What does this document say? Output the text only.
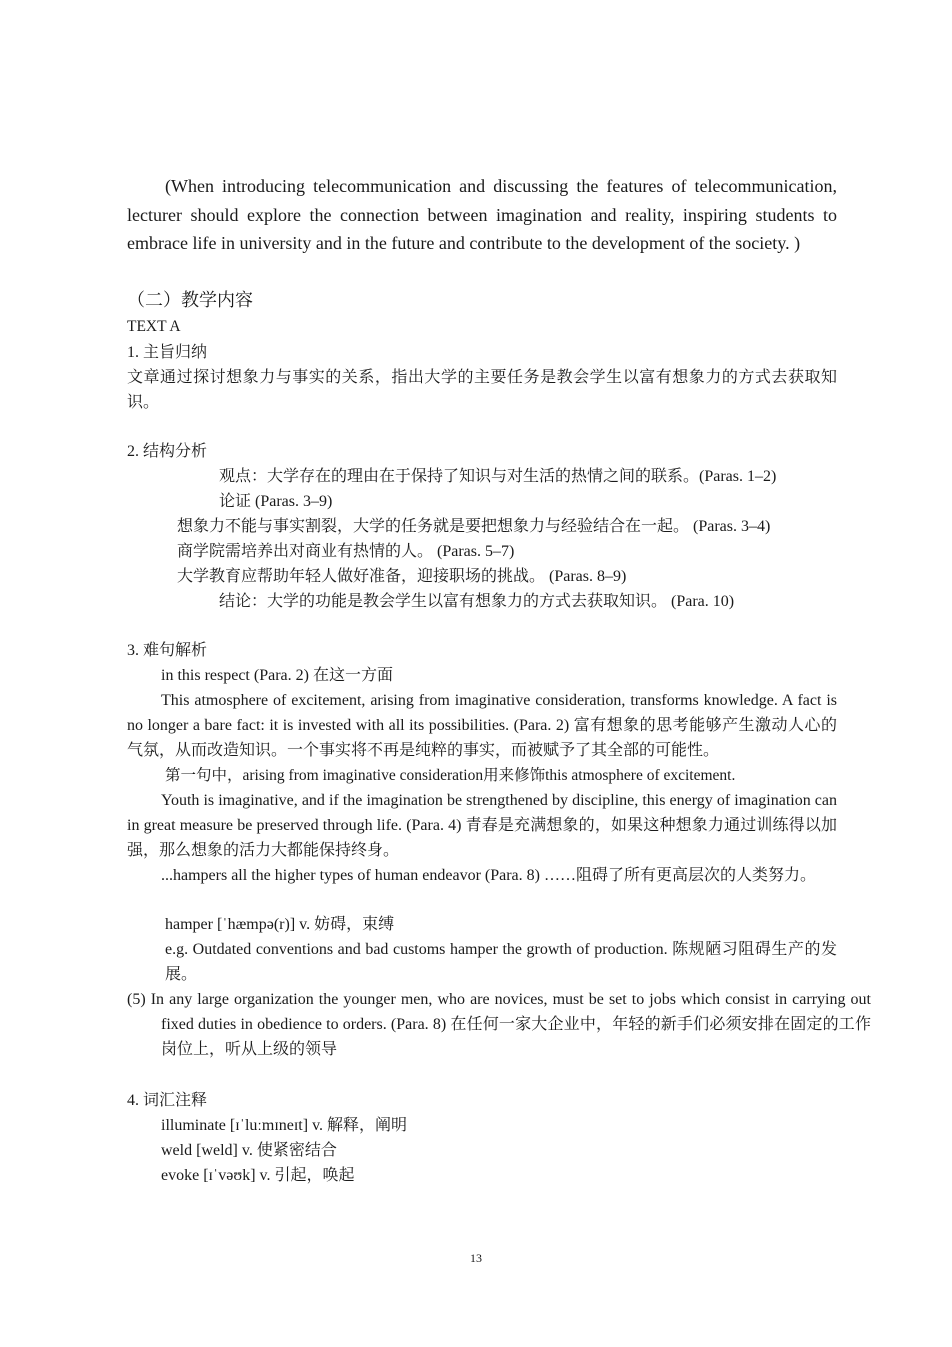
(When introducing telecommunication and discussing the features of telecommunication, lecturer should explore the connection between imagination and reality, inspiring students to embrace life in university and in the future and contribute to the development of the society. )

（二）教学内容
TEXT A
1. 主旨归纳

文章通过探讨想象力与事实的关系，指出大学的主要任务是教会学生以富有想象力的方式去获取知识。

2. 结构分析
观点：大学存在的理由在于保持了知识与对生活的热情之间的联系。(Paras. 1–2)
论证 (Paras. 3–9)
想象力不能与事实割裂，大学的任务就是要把想象力与经验结合在一起。 (Paras. 3–4)
商学院需培养出对商业有热情的人。 (Paras. 5–7)
大学教育应帮助年轻人做好准备，迎接职场的挑战。 (Paras. 8–9)
结论：大学的功能是教会学生以富有想象力的方式去获取知识。 (Para. 10)
3. 难句解析
in this respect (Para. 2) 在这一方面

This atmosphere of excitement, arising from imaginative consideration, transforms knowledge. A fact is no longer a bare fact: it is invested with all its possibilities. (Para. 2) 富有想象的思考能够产生激动人心的气氛，从而改造知识。一个事实将不再是纯粹的事实，而被赋予了其全部的可能性。

第一句中，arising from imaginative consideration用来修饰this atmosphere of excitement.

Youth is imaginative, and if the imagination be strengthened by discipline, this energy of imagination can in great measure be preserved through life. (Para. 4) 青春是充满想象的，如果这种想象力通过训练得以加强，那么想象的活力大都能保持终身。

...hampers all the higher types of human endeavor (Para. 8) ……阻碍了所有更高层次的人类努力。

hamper [ˈhæmpə(r)] v. 妨碍，束缚

e.g. Outdated conventions and bad customs hamper the growth of production. 陈规陋习阻碍生产的发展。

(5) In any large organization the younger men, who are novices, must be set to jobs which consist in carrying out fixed duties in obedience to orders. (Para. 8) 在任何一家大企业中，年轻的新手们必须安排在固定的工作岗位上，听从上级的领导

4. 词汇注释
illuminate [ɪˈluːmɪneɪt] v. 解释，阐明
weld [weld] v. 使紧密结合
evoke [ɪˈvəʊk] v. 引起，唤起
13
